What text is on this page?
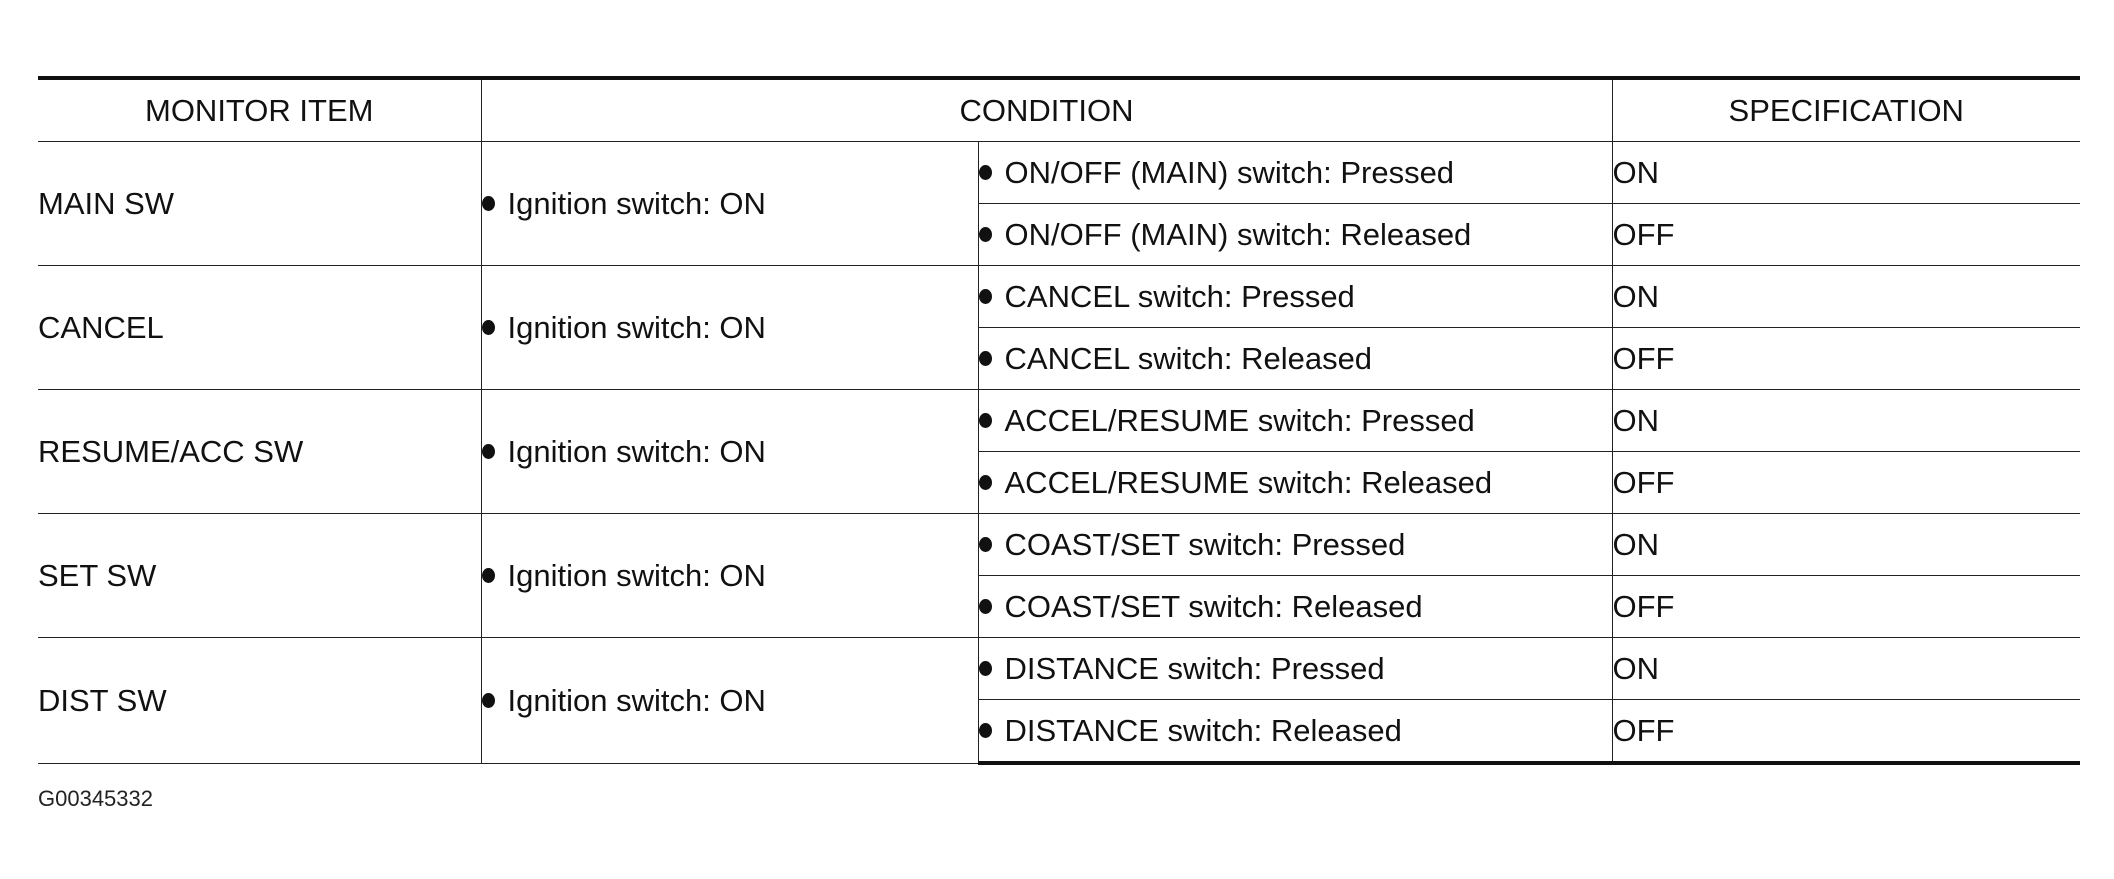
MONITOR ITEM	CONDITION		SPECIFICATION
MAIN SW	Ignition switch: ON	ON/OFF (MAIN) switch: Pressed	ON
		ON/OFF (MAIN) switch: Released	OFF
CANCEL	Ignition switch: ON	CANCEL switch: Pressed	ON
		CANCEL switch: Released	OFF
RESUME/ACC SW	Ignition switch: ON	ACCEL/RESUME switch: Pressed	ON
		ACCEL/RESUME switch: Released	OFF
SET SW	Ignition switch: ON	COAST/SET switch: Pressed	ON
		COAST/SET switch: Released	OFF
DIST SW	Ignition switch: ON	DISTANCE switch: Pressed	ON
		DISTANCE switch: Released	OFF
G00345332
